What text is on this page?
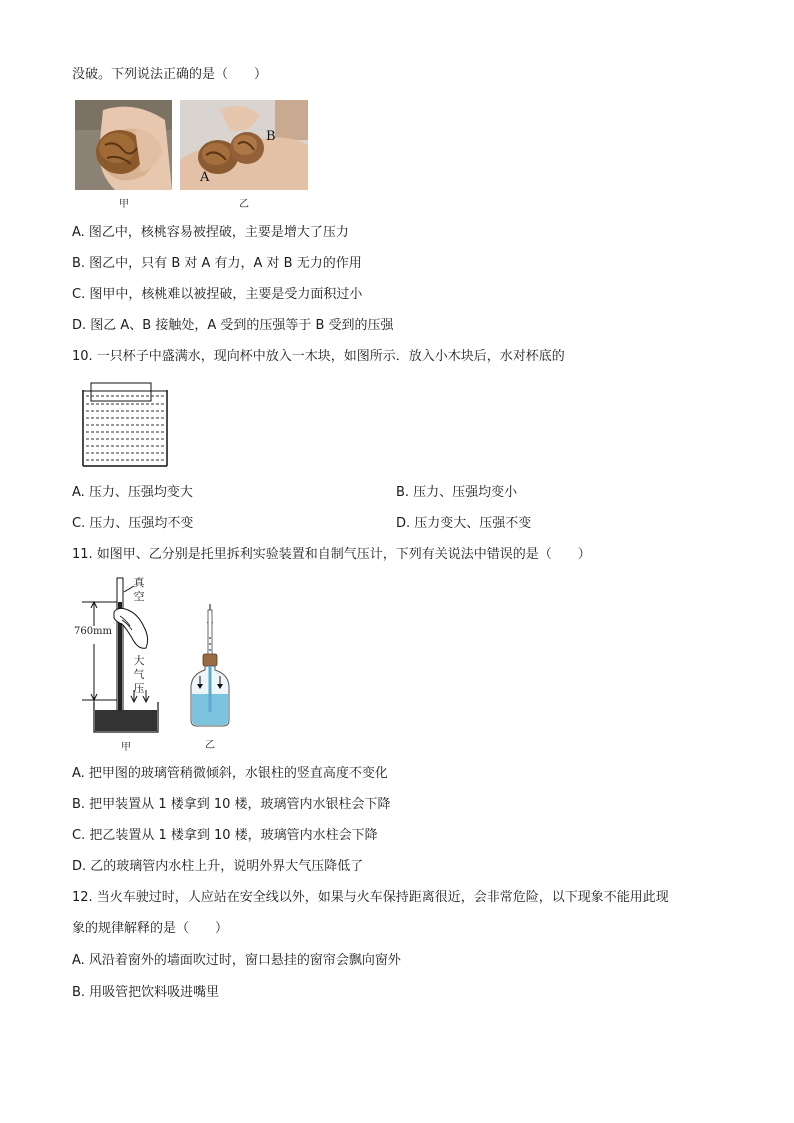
没破。下列说法正确的是（　　）
B
A
甲	乙
A. 图乙中，核桃容易被捏破，主要是增大了压力
B. 图乙中，只有 B 对 A 有力，A 对 B 无力的作用
C. 图甲中，核桃难以被捏破，主要是受力面积过小
D. 图乙 A、B 接触处，A 受到的压强等于 B 受到的压强
10. 一只杯子中盛满水，现向杯中放入一木块，如图所示．放入小木块后，水对杯底的
A. 压力、压强均变大	B. 压力、压强均变小
C. 压力、压强均不变	D. 压力变大、压强不变
11. 如图甲、乙分别是托里拆利实验装置和自制气压计，下列有关说法中错误的是（　　）
真
空
760mm
大
气
压
甲	乙
A. 把甲图的玻璃管稍微倾斜，水银柱的竖直高度不变化
B. 把甲装置从 1 楼拿到 10 楼，玻璃管内水银柱会下降
C. 把乙装置从 1 楼拿到 10 楼，玻璃管内水柱会下降
D. 乙的玻璃管内水柱上升，说明外界大气压降低了
12. 当火车驶过时，人应站在安全线以外，如果与火车保持距离很近，会非常危险，以下现象不能用此现
象的规律解释的是（　　）
A. 风沿着窗外的墙面吹过时，窗口悬挂的窗帘会飘向窗外
B. 用吸管把饮料吸进嘴里
